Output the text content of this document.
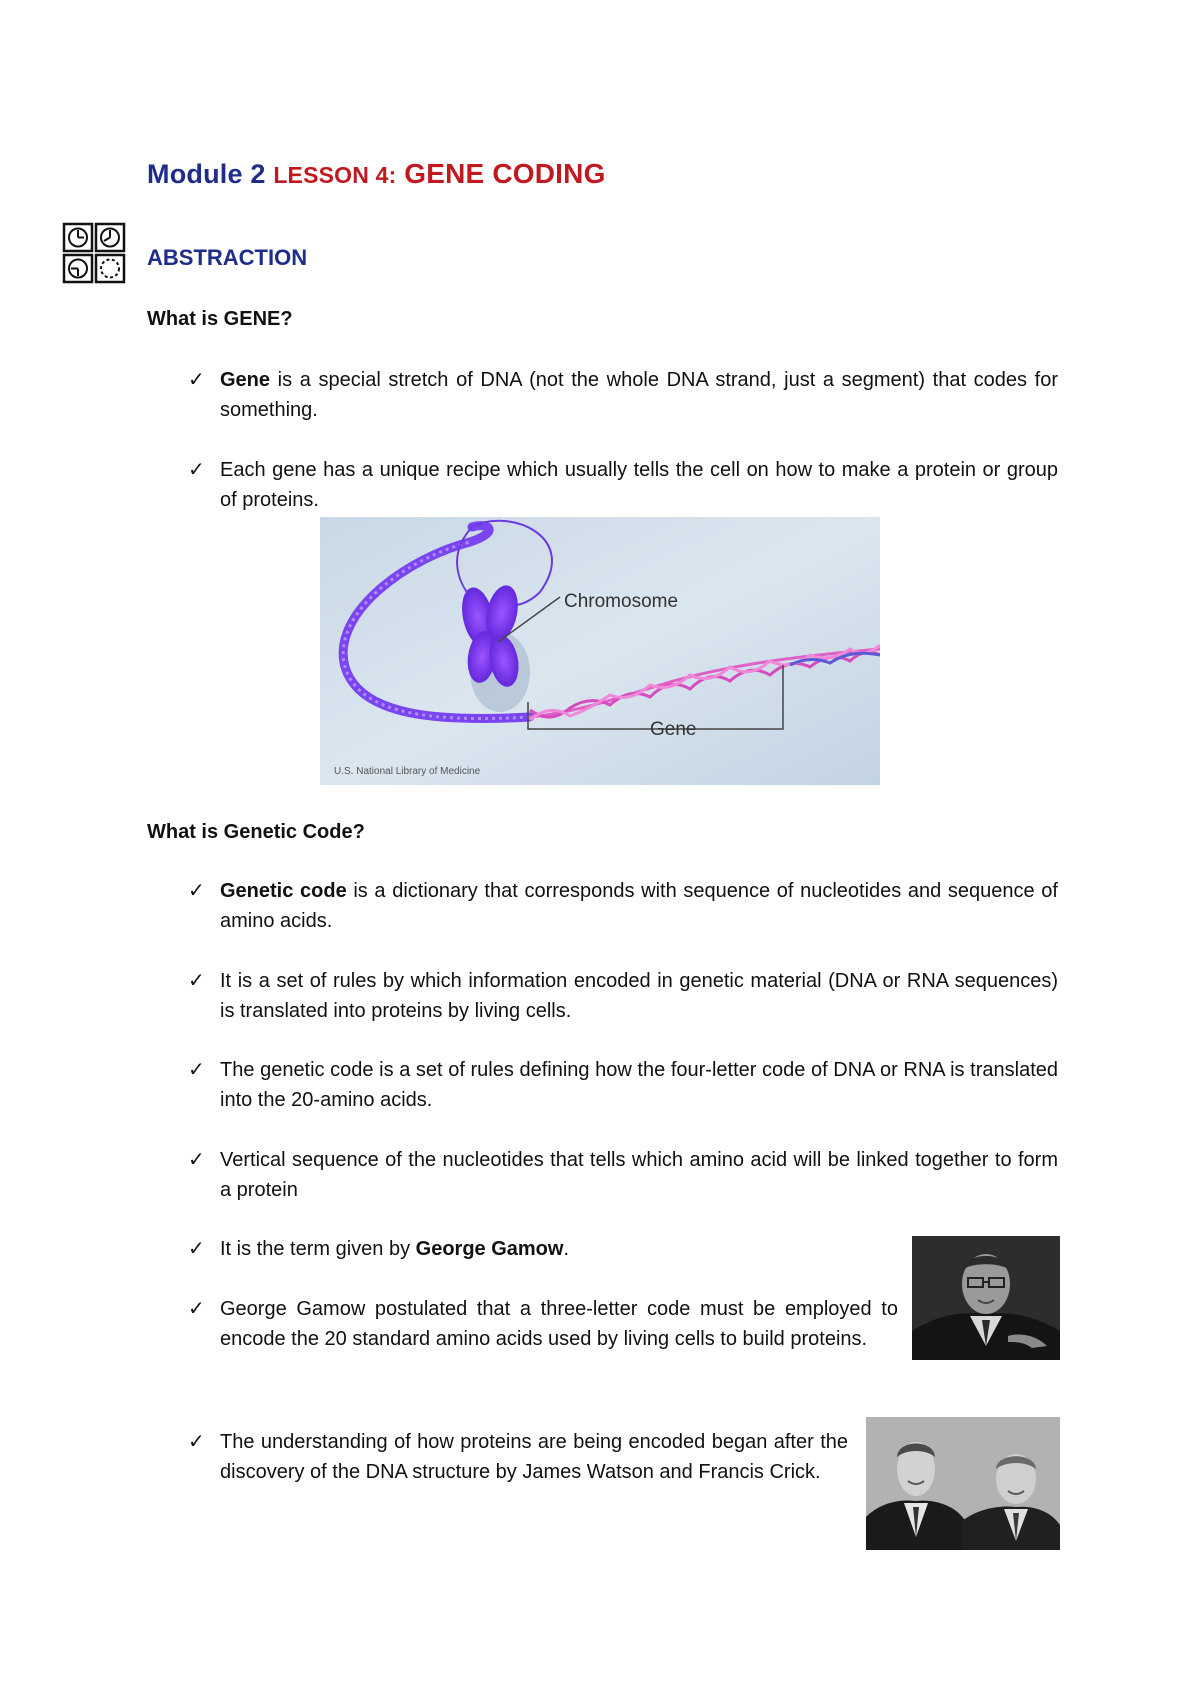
Module 2 LESSON 4: GENE CODING
ABSTRACTION
What is GENE?
✓ Gene is a special stretch of DNA (not the whole DNA strand, just a segment) that codes for something.
✓ Each gene has a unique recipe which usually tells the cell on how to make a protein or group of proteins.
Chromosome
Gene
U.S. National Library of Medicine
What is Genetic Code?
✓ Genetic code is a dictionary that corresponds with sequence of nucleotides and sequence of amino acids.
✓ It is a set of rules by which information encoded in genetic material (DNA or RNA sequences) is translated into proteins by living cells.
✓ The genetic code is a set of rules defining how the four-letter code of DNA or RNA is translated into the 20-amino acids.
✓ Vertical sequence of the nucleotides that tells which amino acid will be linked together to form a protein
✓ It is the term given by George Gamow.
✓ George Gamow postulated that a three-letter code must be employed to encode the 20 standard amino acids used by living cells to build proteins.
✓ The understanding of how proteins are being encoded began after the discovery of the DNA structure by James Watson and Francis Crick.
